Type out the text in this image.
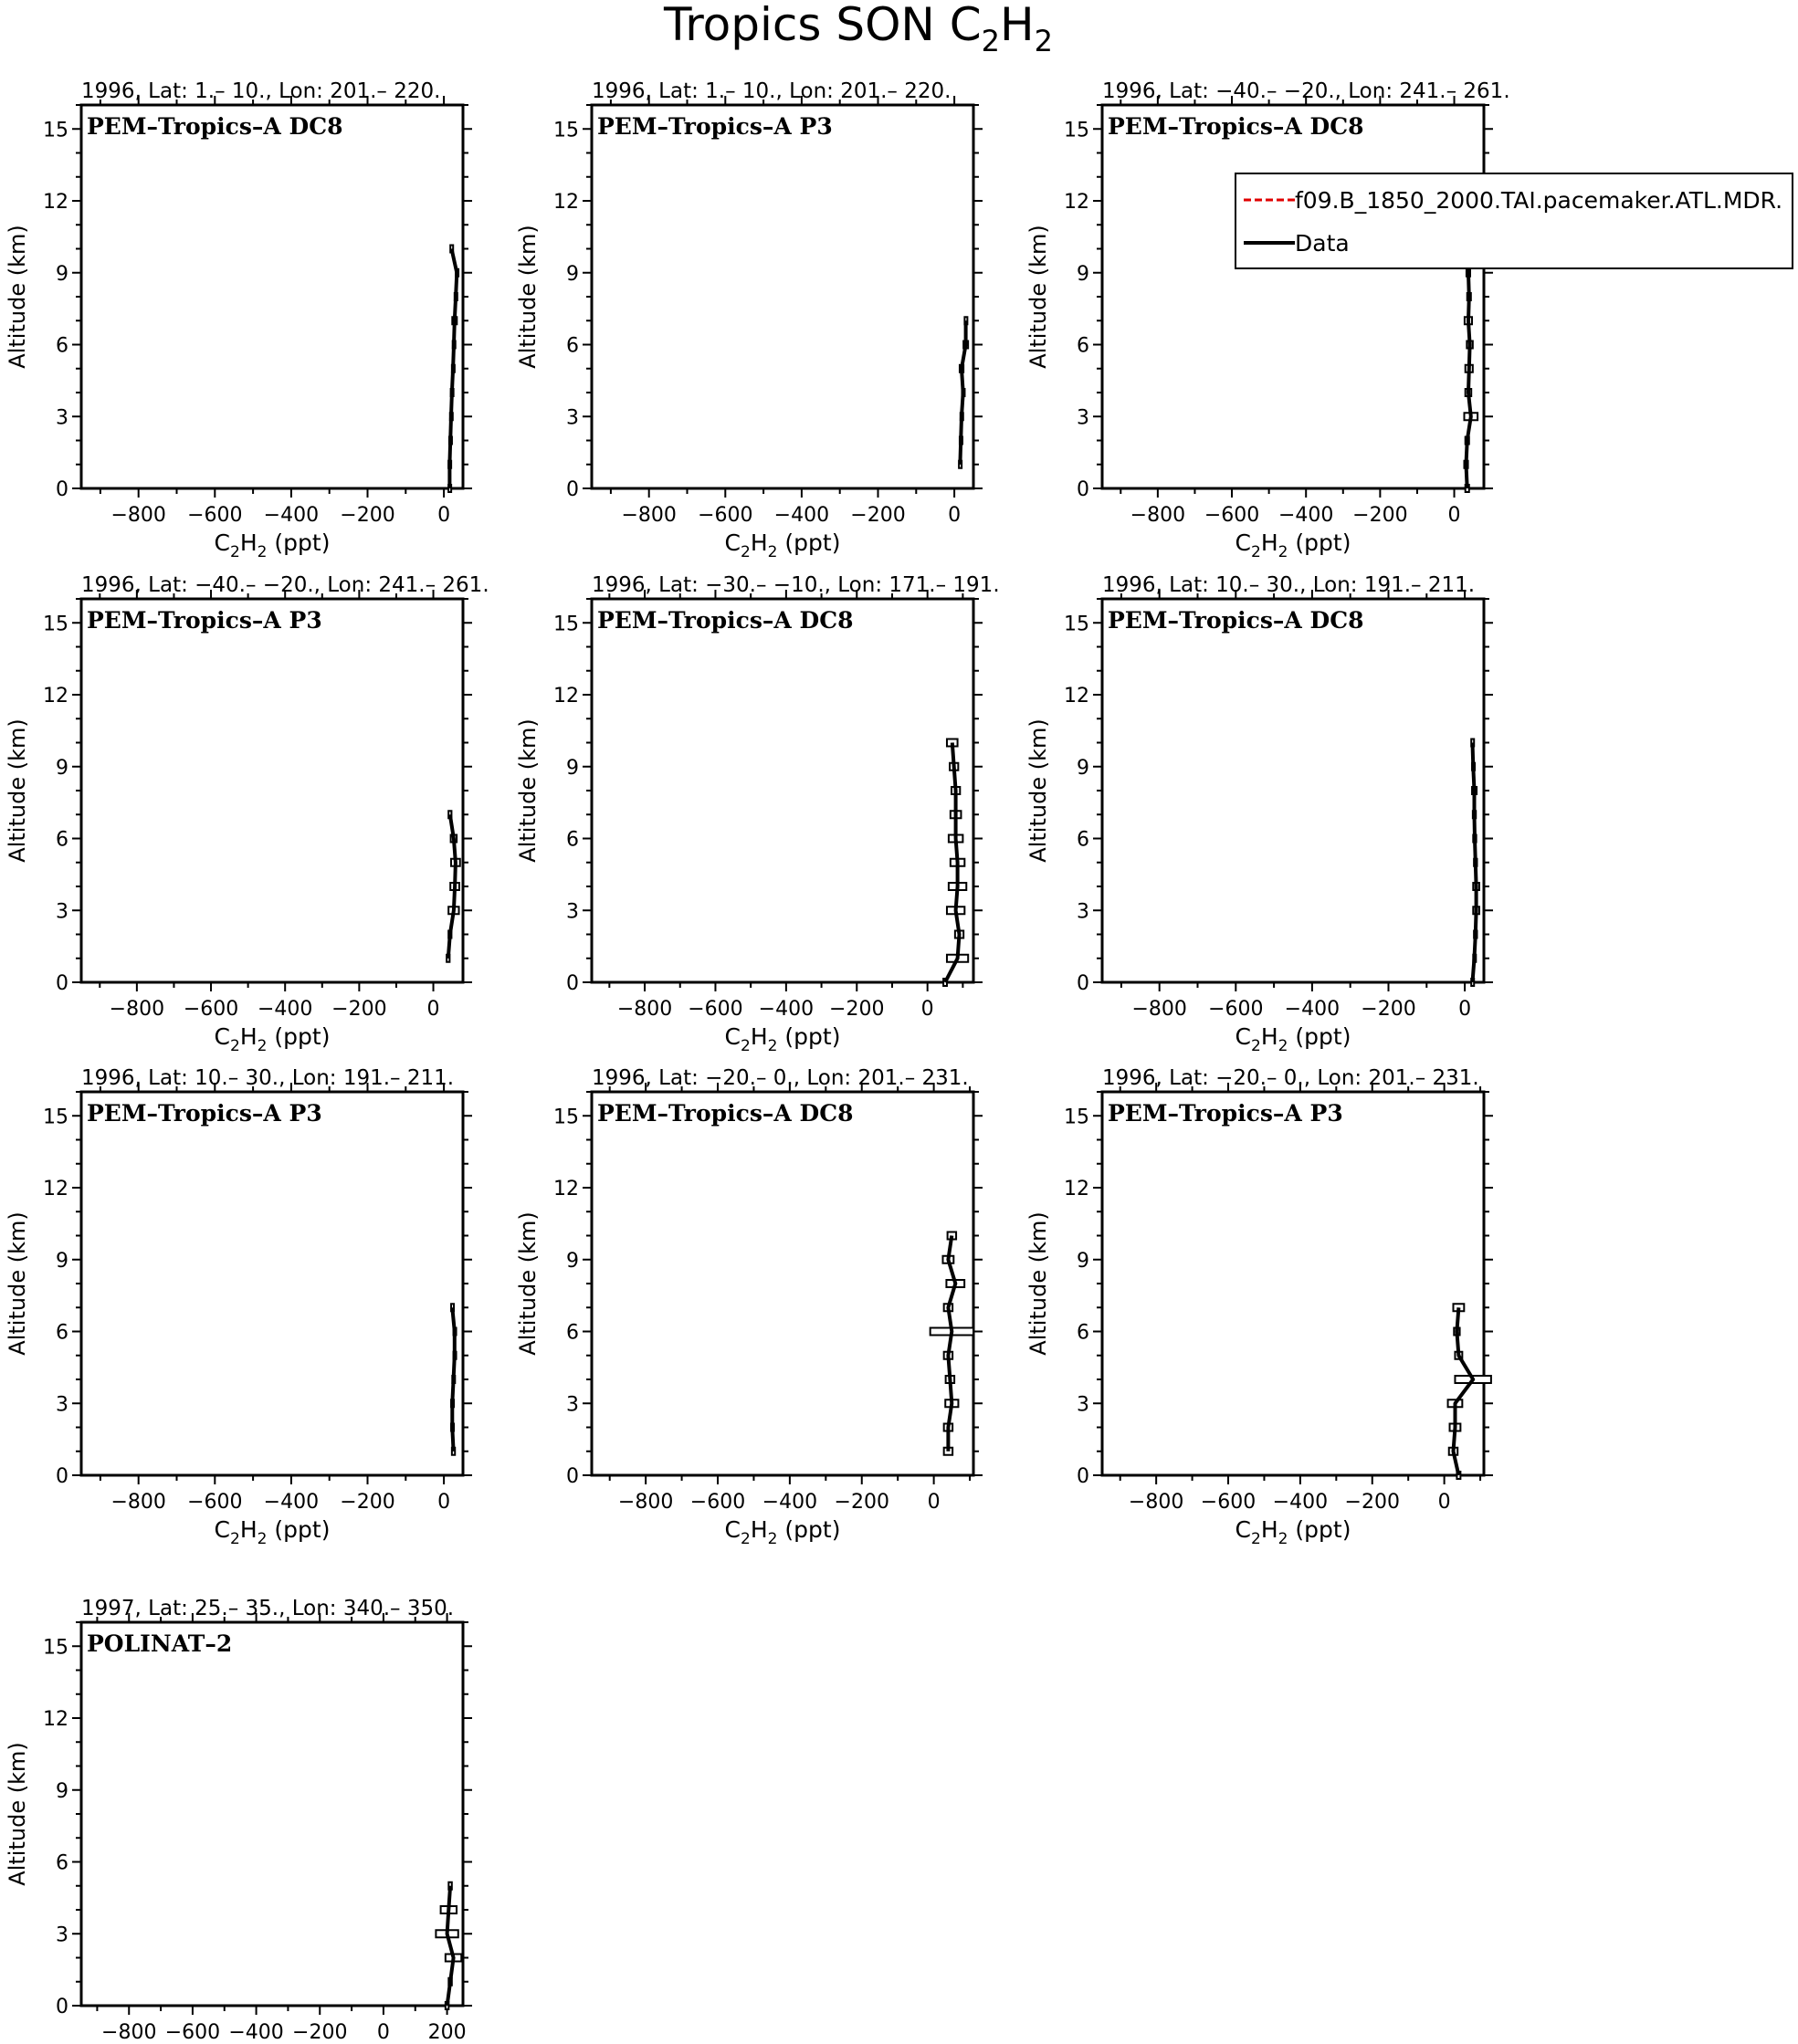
Tropics SON $C_2H_2$
1996, Lat: 1.– 10., Lon: 201.– 220.
PEM–Tropics–A DC8
0
3
6
9
12
15
−800 −600 −400 −200 0
$C_2H_2$ (ppt)
Altitude (km)
1996, Lat: 1.– 10., Lon: 201.– 220.
PEM–Tropics–A P3
0
3
6
9
12
15
−800 −600 −400 −200 0
$C_2H_2$ (ppt)
Altitude (km)
1996, Lat: −40.– −20., Lon: 241.– 261.
PEM–Tropics–A DC8
0
3
6
9
12
15
−800 −600 −400 −200 0
$C_2H_2$ (ppt)
Altitude (km)
1996, Lat: −40.– −20., Lon: 241.– 261.
PEM–Tropics–A P3
0
3
6
9
12
15
−800 −600 −400 −200 0
$C_2H_2$ (ppt)
Altitude (km)
1996, Lat: −30.– −10., Lon: 171.– 191.
PEM–Tropics–A DC8
0
3
6
9
12
15
−800 −600 −400 −200 0
$C_2H_2$ (ppt)
Altitude (km)
1996, Lat: 10.– 30., Lon: 191.– 211.
PEM–Tropics–A DC8
0
3
6
9
12
15
−800 −600 −400 −200 0
$C_2H_2$ (ppt)
Altitude (km)
1996, Lat: 10.– 30., Lon: 191.– 211.
PEM–Tropics–A P3
0
3
6
9
12
15
−800 −600 −400 −200 0
$C_2H_2$ (ppt)
Altitude (km)
1996, Lat: −20.– 0., Lon: 201.– 231.
PEM–Tropics–A DC8
0
3
6
9
12
15
−800 −600 −400 −200 0
$C_2H_2$ (ppt)
Altitude (km)
1996, Lat: −20.– 0., Lon: 201.– 231.
PEM–Tropics–A P3
0
3
6
9
12
15
−800 −600 −400 −200 0
$C_2H_2$ (ppt)
Altitude (km)
1997, Lat: 25.– 35., Lon: 340.– 350.
POLINAT–2
0
3
6
9
12
15
−800 −600 −400 −200 0 200
Altitude (km)
f09.B_1850_2000.TAI.pacemaker.ATL.MDR.
Data
